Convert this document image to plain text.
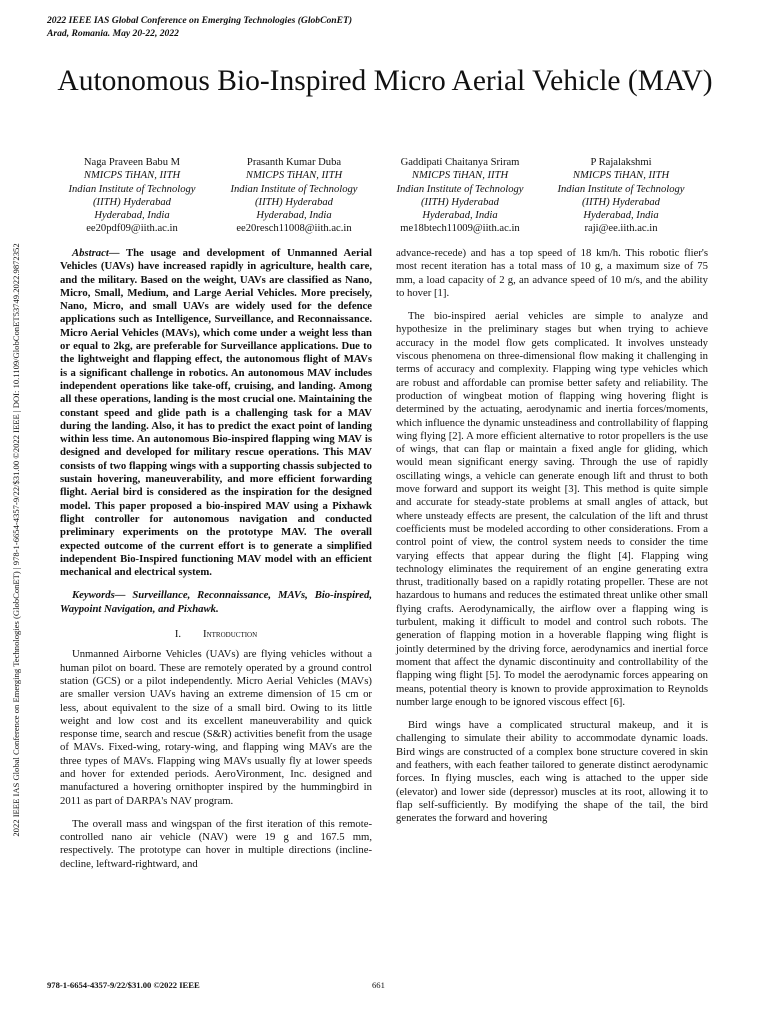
2022 IEEE IAS Global Conference on Emerging Technologies (GlobConET)
Arad, Romania. May 20-22, 2022
Autonomous Bio-Inspired Micro Aerial Vehicle (MAV)
2022 IEEE IAS Global Conference on Emerging Technologies (GlobConET) | 978-1-6654-4357-9/22/$31.00 ©2022 IEEE | DOI: 10.1109/GlobConET53749.2022.9872352
Naga Praveen Babu M
NMICPS TiHAN, IITH
Indian Institute of Technology
(IITH) Hyderabad
Hyderabad, India
ee20pdf09@iith.ac.in
Prasanth Kumar Duba
NMICPS TiHAN, IITH
Indian Institute of Technology
(IITH) Hyderabad
Hyderabad, India
ee20resch11008@iith.ac.in
Gaddipati Chaitanya Sriram
NMICPS TiHAN, IITH
Indian Institute of Technology
(IITH) Hyderabad
Hyderabad, India
me18btech11009@iith.ac.in
P Rajalakshmi
NMICPS TiHAN, IITH
Indian Institute of Technology
(IITH) Hyderabad
Hyderabad, India
raji@ee.iith.ac.in

Abstract— The usage and development of Unmanned Aerial Vehicles (UAVs) have increased rapidly in agriculture, health care, and the military. Based on the weight, UAVs are classified as Nano, Micro, Small, Medium, and Large Aerial Vehicles. More precisely, Nano, Micro, and small UAVs are widely used for the defence applications such as Intelligence, Surveillance, and Reconnaissance. Micro Aerial Vehicles (MAVs), which come under a weight less than or equal to 2kg, are preferable for Surveillance applications. Due to the lightweight and flapping effect, the autonomous flight of MAVs is a significant challenge in robotics. An autonomous MAV includes independent operations like take-off, cruising, and landing. Among all these operations, landing is the most crucial one. Maintaining the constant speed and glide path is a challenging task for a MAV during the landing. Also, it has to predict the exact point of landing within less time. An autonomous Bio-inspired flapping wing MAV is designed and developed for military rescue operations. This MAV consists of two flapping wings with a supporting chassis subjected to sustain hovering, maneuverability, and more efficient forwarding flight. Aerial bird is considered as the inspiration for the designed model. This paper proposed a bio-inspired MAV using a Pixhawk flight controller for autonomous navigation and conducted preliminary experiments on the prototype MAV. The overall expected outcome of the current effort is to generate a simplified independent Bio-Inspired functioning MAV model with an efficient mechanical and electrical system.

Keywords— Surveillance, Reconnaissance, MAVs, Bio-inspired, Waypoint Navigation, and Pixhawk.

I. Introduction

Unmanned Airborne Vehicles (UAVs) are flying vehicles without a human pilot on board. These are remotely operated by a ground control station (GCS) or a pilot independently. Micro Aerial Vehicles (MAVs) are smaller version UAVs having an extreme dimension of 15 cm or less, about equivalent to the size of a small bird. Owing to its little weight and low cost and its excellent maneuverability and quick response time, search and rescue (S&R) activities benefit from the usage of MAVs. Fixed-wing, rotary-wing, and flapping wing MAVs are the three types of MAVs. Flapping wing MAVs usually fly at lower speeds and hover for extended periods. AeroVironment, Inc. designed and manufactured a hovering ornithopter inspired by the hummingbird in 2011 as part of DARPA's NAV program.

The overall mass and wingspan of the first iteration of this remote-controlled nano air vehicle (NAV) were 19 g and 167.5 mm, respectively. The prototype can hover in multiple directions (incline-decline, leftward-rightward, and

advance-recede) and has a top speed of 18 km/h. This robotic flier's most recent iteration has a total mass of 10 g, a maximum size of 75 mm, a load capacity of 2 g, an advance speed of 10 m/s, and the ability to hover [1].

The bio-inspired aerial vehicles are simple to analyze and hypothesize in the preliminary stages but when trying to achieve accuracy in the model flow gets complicated. It involves unsteady viscous phenomena on three-dimensional flow making it challenging in terms of accuracy and complexity. Flapping wing type vehicles which are robust and affordable can promise better safety and reliability. The production of wingbeat motion of flapping wing hovering flight is determined by the actuating, aerodynamic and inertia forces/moments, which influence the dynamic unsteadiness and controllability of flapping wing flying [2]. A more efficient alternative to rotor propellers is the use of wings, that can flap or maintain a fixed angle for gliding, which would mean significant energy saving. Through the use of rapidly oscillating wings, a vehicle can generate enough lift and thrust to both move forward and support its weight [3]. This method is quite simple and accurate for steady-state problems at small angles of attack, but where unsteady effects are present, the calculation of the lift and thrust coefficients must be modeled according to other considerations. From a control point of view, the control system needs to consider the time varying effects that appear during the flight [4]. Flapping wing technology eliminates the requirement of an engine generating extra thrust, traditionally based on a rapidly rotating propeller. These are not hazardous to humans and reduces the estimated threat unlike other small flying crafts. Aerodynamically, the airflow over a flapping wing is turbulent, making it difficult to model and control such robots. The generation of flapping motion in a hoverable flapping wing flight is jointly determined by the driving force, aerodynamics and inertial force moment that affect the dynamic discontinuity and controllability of the flapping wing flight [5]. To model the aerodynamic forces appearing on means, potential theory is known to provide approximation to Reynolds number large enough to be ignored viscous effect [6].

Bird wings have a complicated structural makeup, and it is challenging to simulate their ability to accommodate dynamic loads. Bird wings are constructed of a complex bone structure covered in skin and feathers, with each feather tailored to generate distinct aerodynamic forces. In flying muscles, each wing is attached to the upper side (elevator) and lower side (depressor) muscles at its root, allowing it to flap self-sufficiently. By modifying the shape of the tail, the bird generates the forward and hovering

978-1-6654-4357-9/22/$31.00 ©2022 IEEE	661
